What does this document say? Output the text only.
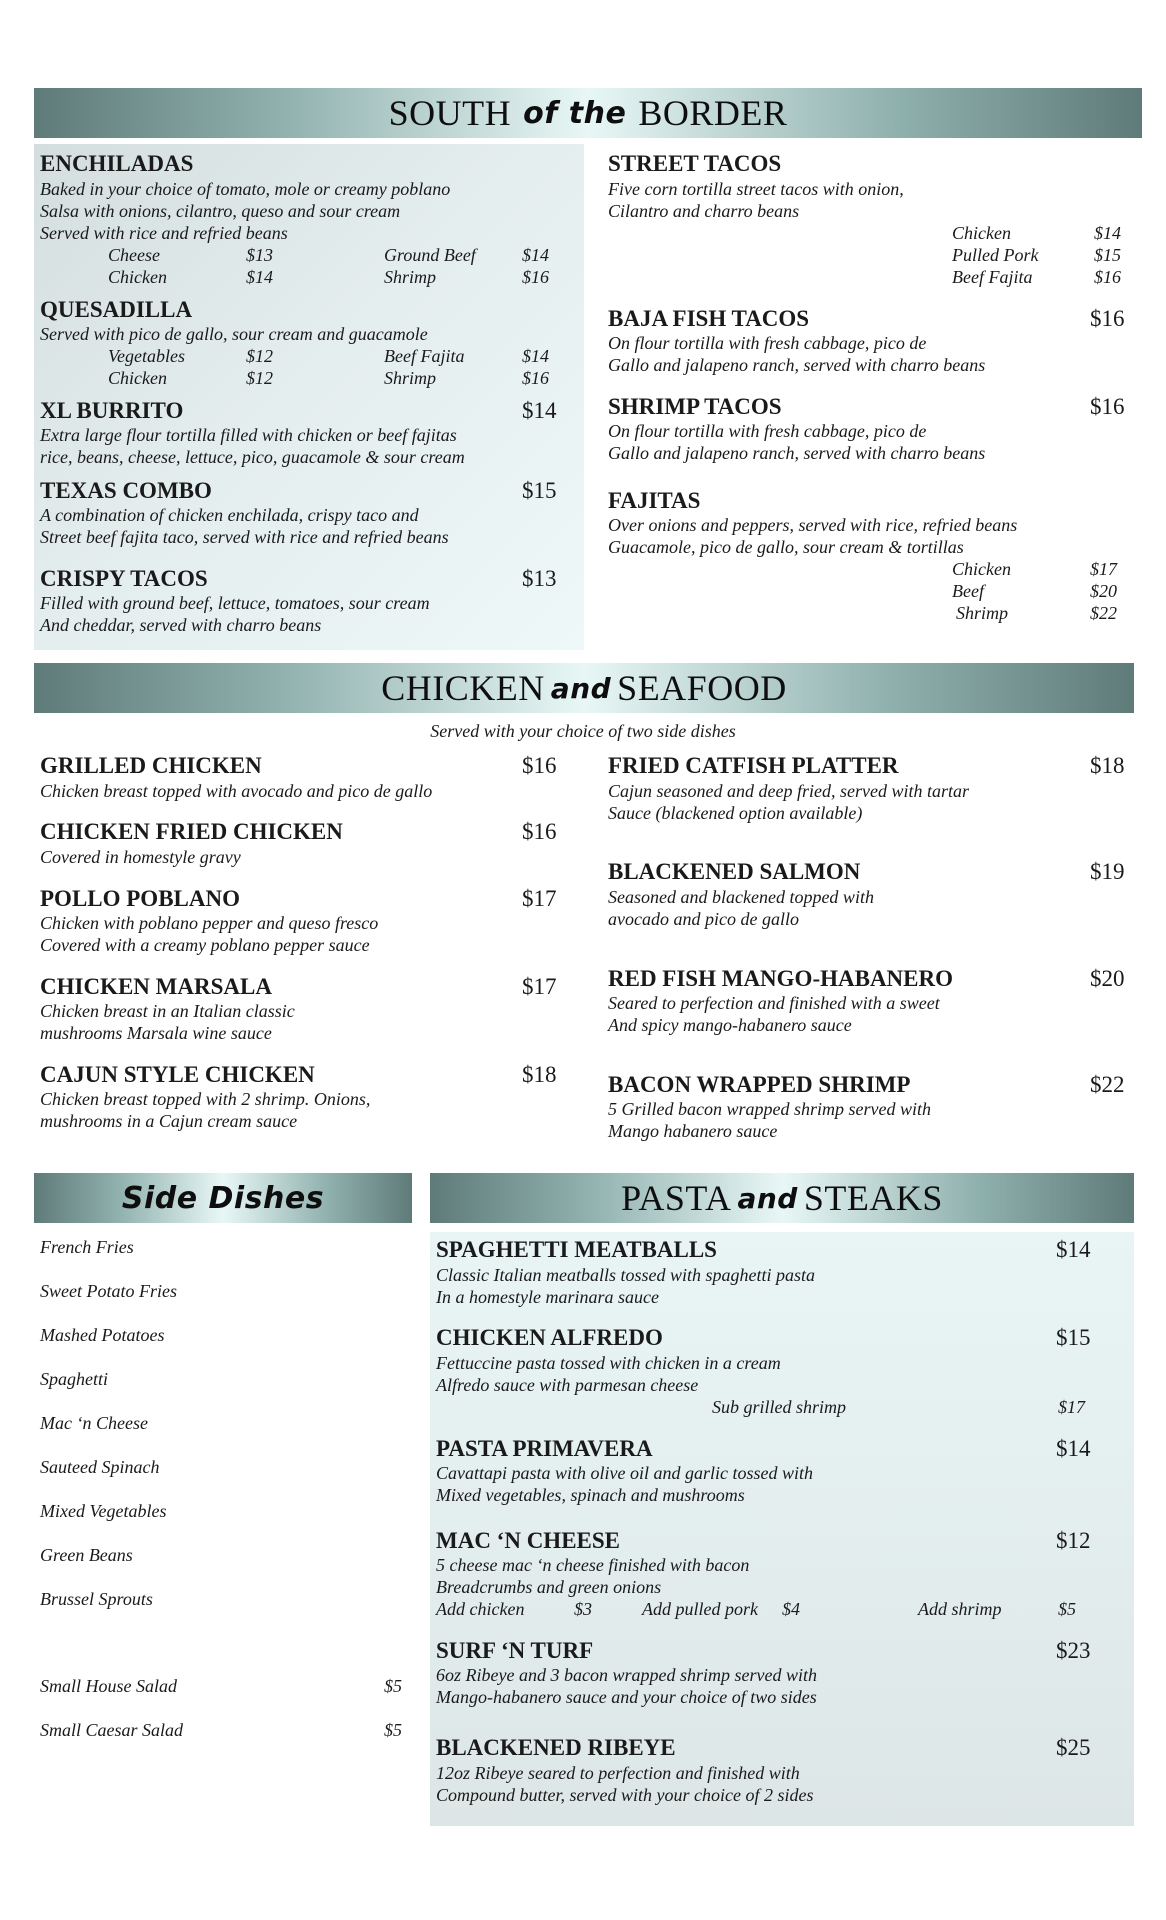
SOUTH of the BORDER
ENCHILADAS
Baked in your choice of tomato, mole or creamy poblano
Salsa with onions, cilantro, queso and sour cream
Served with rice and refried beans
Cheese	$13	Ground Beef	$14
Chicken	$14	Shrimp	$16
QUESADILLA
Served with pico de gallo, sour cream and guacamole
Vegetables	$12	Beef Fajita	$14
Chicken	$12	Shrimp	$16
XL BURRITO	$14
Extra large flour tortilla filled with chicken or beef fajitas
rice, beans, cheese, lettuce, pico, guacamole & sour cream
TEXAS COMBO	$15
A combination of chicken enchilada, crispy taco and
Street beef fajita taco, served with rice and refried beans
CRISPY TACOS	$13
Filled with ground beef, lettuce, tomatoes, sour cream
And cheddar, served with charro beans
STREET TACOS
Five corn tortilla street tacos with onion,
Cilantro and charro beans
Chicken	$14
Pulled Pork	$15
Beef Fajita	$16
BAJA FISH TACOS	$16
On flour tortilla with fresh cabbage, pico de
Gallo and jalapeno ranch, served with charro beans
SHRIMP TACOS	$16
On flour tortilla with fresh cabbage, pico de
Gallo and jalapeno ranch, served with charro beans
FAJITAS
Over onions and peppers, served with rice, refried beans
Guacamole, pico de gallo, sour cream & tortillas
Chicken	$17
Beef	$20
Shrimp	$22
CHICKEN and SEAFOOD
Served with your choice of two side dishes
GRILLED CHICKEN	$16
Chicken breast topped with avocado and pico de gallo
CHICKEN FRIED CHICKEN	$16
Covered in homestyle gravy
POLLO POBLANO	$17
Chicken with poblano pepper and queso fresco
Covered with a creamy poblano pepper sauce
CHICKEN MARSALA	$17
Chicken breast in an Italian classic
mushrooms Marsala wine sauce
CAJUN STYLE CHICKEN	$18
Chicken breast topped with 2 shrimp. Onions,
mushrooms in a Cajun cream sauce
FRIED CATFISH PLATTER	$18
Cajun seasoned and deep fried, served with tartar
Sauce (blackened option available)
BLACKENED SALMON	$19
Seasoned and blackened topped with
avocado and pico de gallo
RED FISH MANGO-HABANERO	$20
Seared to perfection and finished with a sweet
And spicy mango-habanero sauce
BACON WRAPPED SHRIMP	$22
5 Grilled bacon wrapped shrimp served with
Mango habanero sauce
Side Dishes
French Fries
Sweet Potato Fries
Mashed Potatoes
Spaghetti
Mac ‘n Cheese
Sauteed Spinach
Mixed Vegetables
Green Beans
Brussel Sprouts
Small House Salad	$5
Small Caesar Salad	$5
PASTA and STEAKS
SPAGHETTI MEATBALLS	$14
Classic Italian meatballs tossed with spaghetti pasta
In a homestyle marinara sauce
CHICKEN ALFREDO	$15
Fettuccine pasta tossed with chicken in a cream
Alfredo sauce with parmesan cheese
Sub grilled shrimp	$17
PASTA PRIMAVERA	$14
Cavattapi pasta with olive oil and garlic tossed with
Mixed vegetables, spinach and mushrooms
MAC ‘N CHEESE	$12
5 cheese mac ‘n cheese finished with bacon
Breadcrumbs and green onions
Add chicken	$3	Add pulled pork $4	Add shrimp	$5
SURF ‘N TURF	$23
6oz Ribeye and 3 bacon wrapped shrimp served with
Mango-habanero sauce and your choice of two sides
BLACKENED RIBEYE	$25
12oz Ribeye seared to perfection and finished with
Compound butter, served with your choice of 2 sides
